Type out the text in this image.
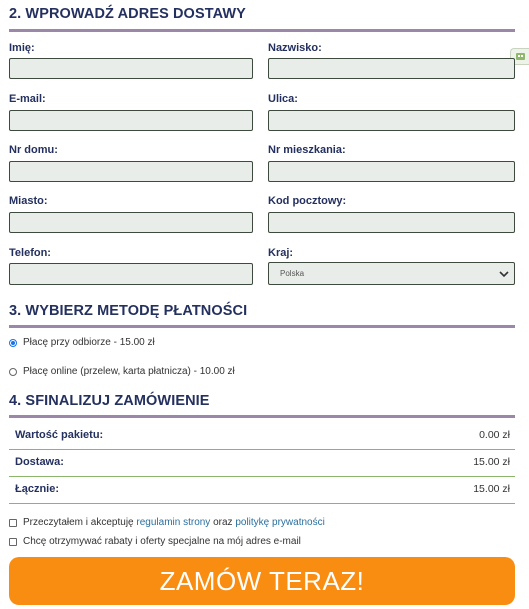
2. WPROWADŹ ADRES DOSTAWY
Imię:	Nazwisko:
E-mail:	Ulica:
Nr domu:	Nr mieszkania:
Miasto:	Kod pocztowy:
Telefon:	Kraj:
Polska
3. WYBIERZ METODĘ PŁATNOŚCI
Płacę przy odbiorze - 15.00 zł
Płacę online (przelew, karta płatnicza) - 10.00 zł
4. SFINALIZUJ ZAMÓWIENIE
Wartość pakietu:	0.00 zł
Dostawa:	15.00 zł
Łącznie:	15.00 zł
Przeczytałem i akceptuję
regulamin strony
oraz
politykę prywatności
Chcę otrzymywać rabaty i oferty specjalne na mój adres e-mail
ZAMÓW TERAZ!
